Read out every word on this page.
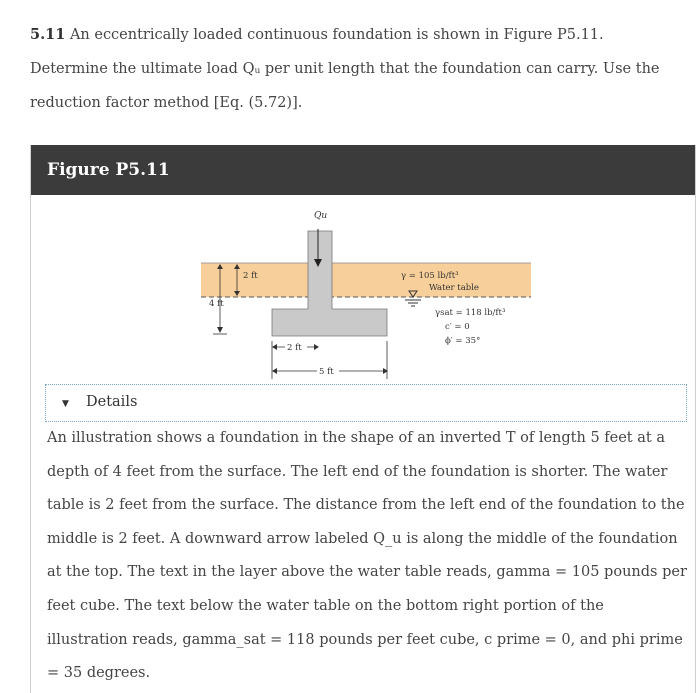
5.11 An eccentrically loaded continuous foundation is shown in Figure P5.11. Determine the ultimate load Qᵤ per unit length that the foundation can carry. Use the reduction factor method [Eq. (5.72)].
Figure P5.11
Qu
2 ft
4 ft
2 ft
5 ft
γ = 105 lb/ft³
Water table
γsat = 118 lb/ft³
c′ = 0
ϕ′ = 35°
▼ Details
An illustration shows a foundation in the shape of an inverted T of length 5 feet at a depth of 4 feet from the surface. The left end of the foundation is shorter. The water table is 2 feet from the surface. The distance from the left end of the foundation to the middle is 2 feet. A downward arrow labeled Q_u is along the middle of the foundation at the top. The text in the layer above the water table reads, gamma = 105 pounds per feet cube. The text below the water table on the bottom right portion of the illustration reads, gamma_sat = 118 pounds per feet cube, c prime = 0, and phi prime = 35 degrees.
